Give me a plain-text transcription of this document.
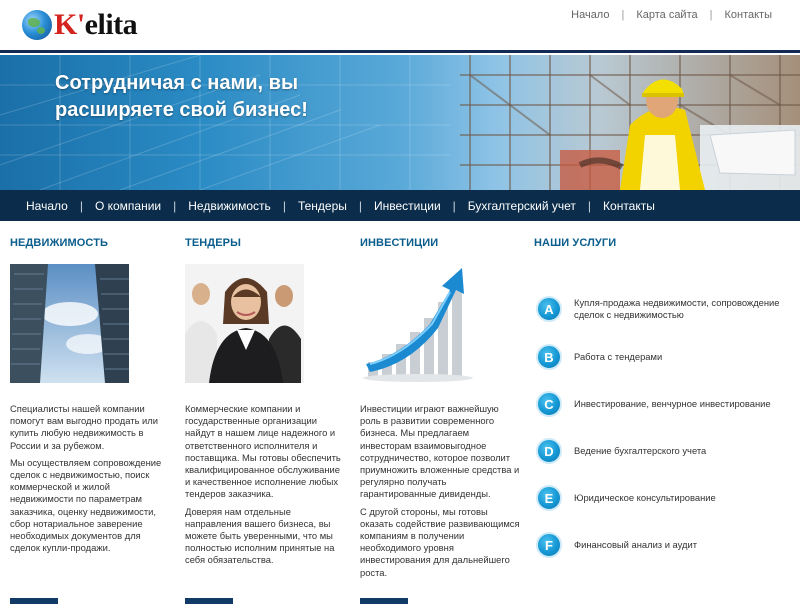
K'elita	Начало | Карта сайта | Контакты
Сотрудничая с нами, вы расширяете свой бизнес!
Начало | О компании | Недвижимость | Тендеры | Инвестиции | Бухгалтерский учет | Контакты
НЕДВИЖИМОСТЬ

Специалисты нашей компании помогут вам выгодно продать или купить любую недвижимость в России и за рубежом.

Мы осуществляем сопровождение сделок с недвижимостью, поиск коммерческой и жилой недвижимости по параметрам заказчика, оценку недвижимости, сбор нотариальное заверение необходимых документов для сделок купли-продажи.

ТЕНДЕРЫ

Коммерческие компании и государственные организации найдут в нашем лице надежного и ответственного исполнителя и поставщика. Мы готовы обеспечить квалифицированное обслуживание и качественное исполнение любых тендеров заказчика.

Доверяя нам отдельные направления вашего бизнеса, вы можете быть уверенными, что мы полностью исполним принятые на себя обязательства.

ИНВЕСТИЦИИ

Инвестиции играют важнейшую роль в развитии современного бизнеса. Мы предлагаем инвесторам взаимовыгодное сотрудничество, которое позволит приумножить вложенные средства и регулярно получать гарантированные дивиденды.

С другой стороны, мы готовы оказать содействие развивающимся компаниям в получении необходимого уровня инвестирования для дальнейшего роста.

НАШИ УСЛУГИ
A	Купля-продажа недвижимости, сопровождение сделок с недвижимостью
B	Работа с тендерами
C	Инвестирование, венчурное инвестирование
D	Ведение бухгалтерского учета
E	Юридическое консультирование
F	Финансовый анализ и аудит
